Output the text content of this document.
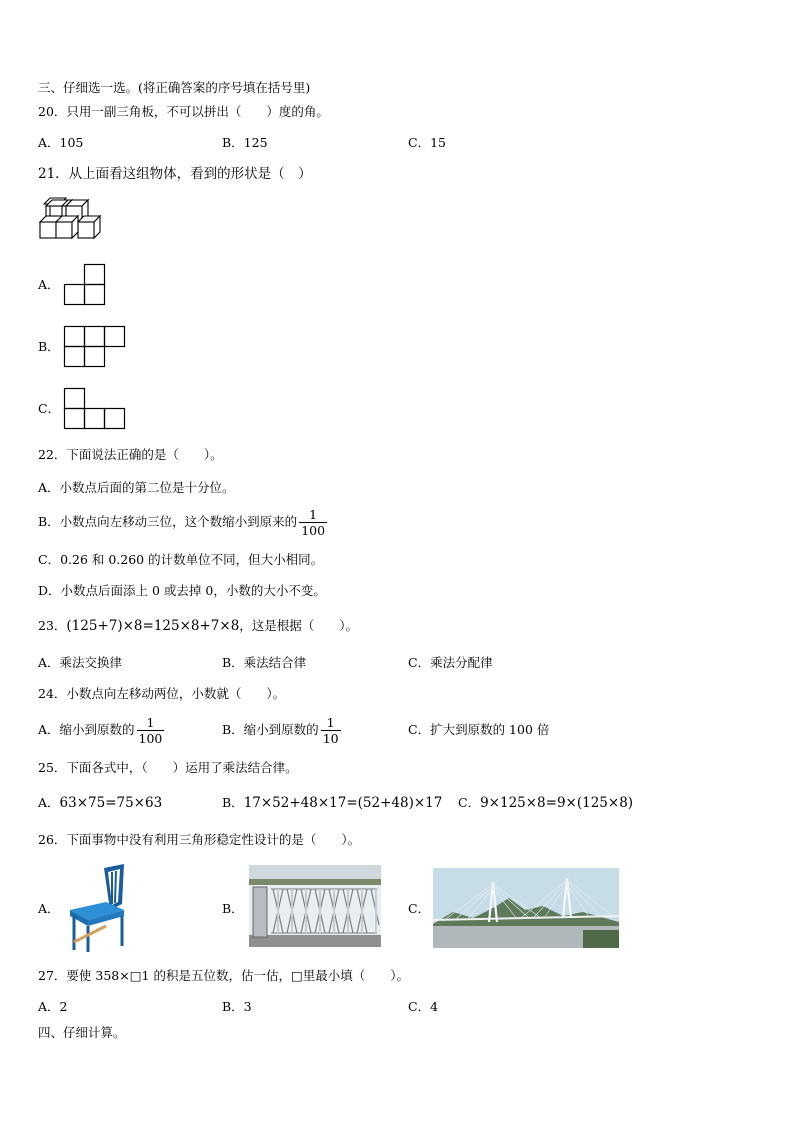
三、仔细选一选。(将正确答案的序号填在括号里)
20．只用一副三角板，不可以拼出（　　）度的角。
A．105	B．125	C．15
21．从上面看这组物体，看到的形状是（　）
A．
B．
C．
22．下面说法正确的是（　　）。
A．小数点后面的第二位是十分位。
B．小数点向左移动三位，这个数缩小到原来的 $\frac{1}{100}$
C．0.26 和 0.260 的计数单位不同，但大小相同。
D．小数点后面添上 0 或去掉 0，小数的大小不变。
23．(125+7)×8=125×8+7×8，这是根据（　　）。
A．乘法交换律	B．乘法结合律	C．乘法分配律
24．小数点向左移动两位，小数就（　　）。
A．缩小到原数的 $\frac{1}{100}$	B．缩小到原数的 $\frac{1}{10}$	C．扩大到原数的 100 倍
25．下面各式中，（　　）运用了乘法结合律。
A．63×75=75×63	B．17×52+48×17=(52+48)×17 C．9×125×8=9×(125×8)
26．下面事物中没有利用三角形稳定性设计的是（　　）。
A．	B．	C．
27．要使 358×□1 的积是五位数，估一估，□里最小填（　　）。
A．2	B．3	C．4
四、仔细计算。
